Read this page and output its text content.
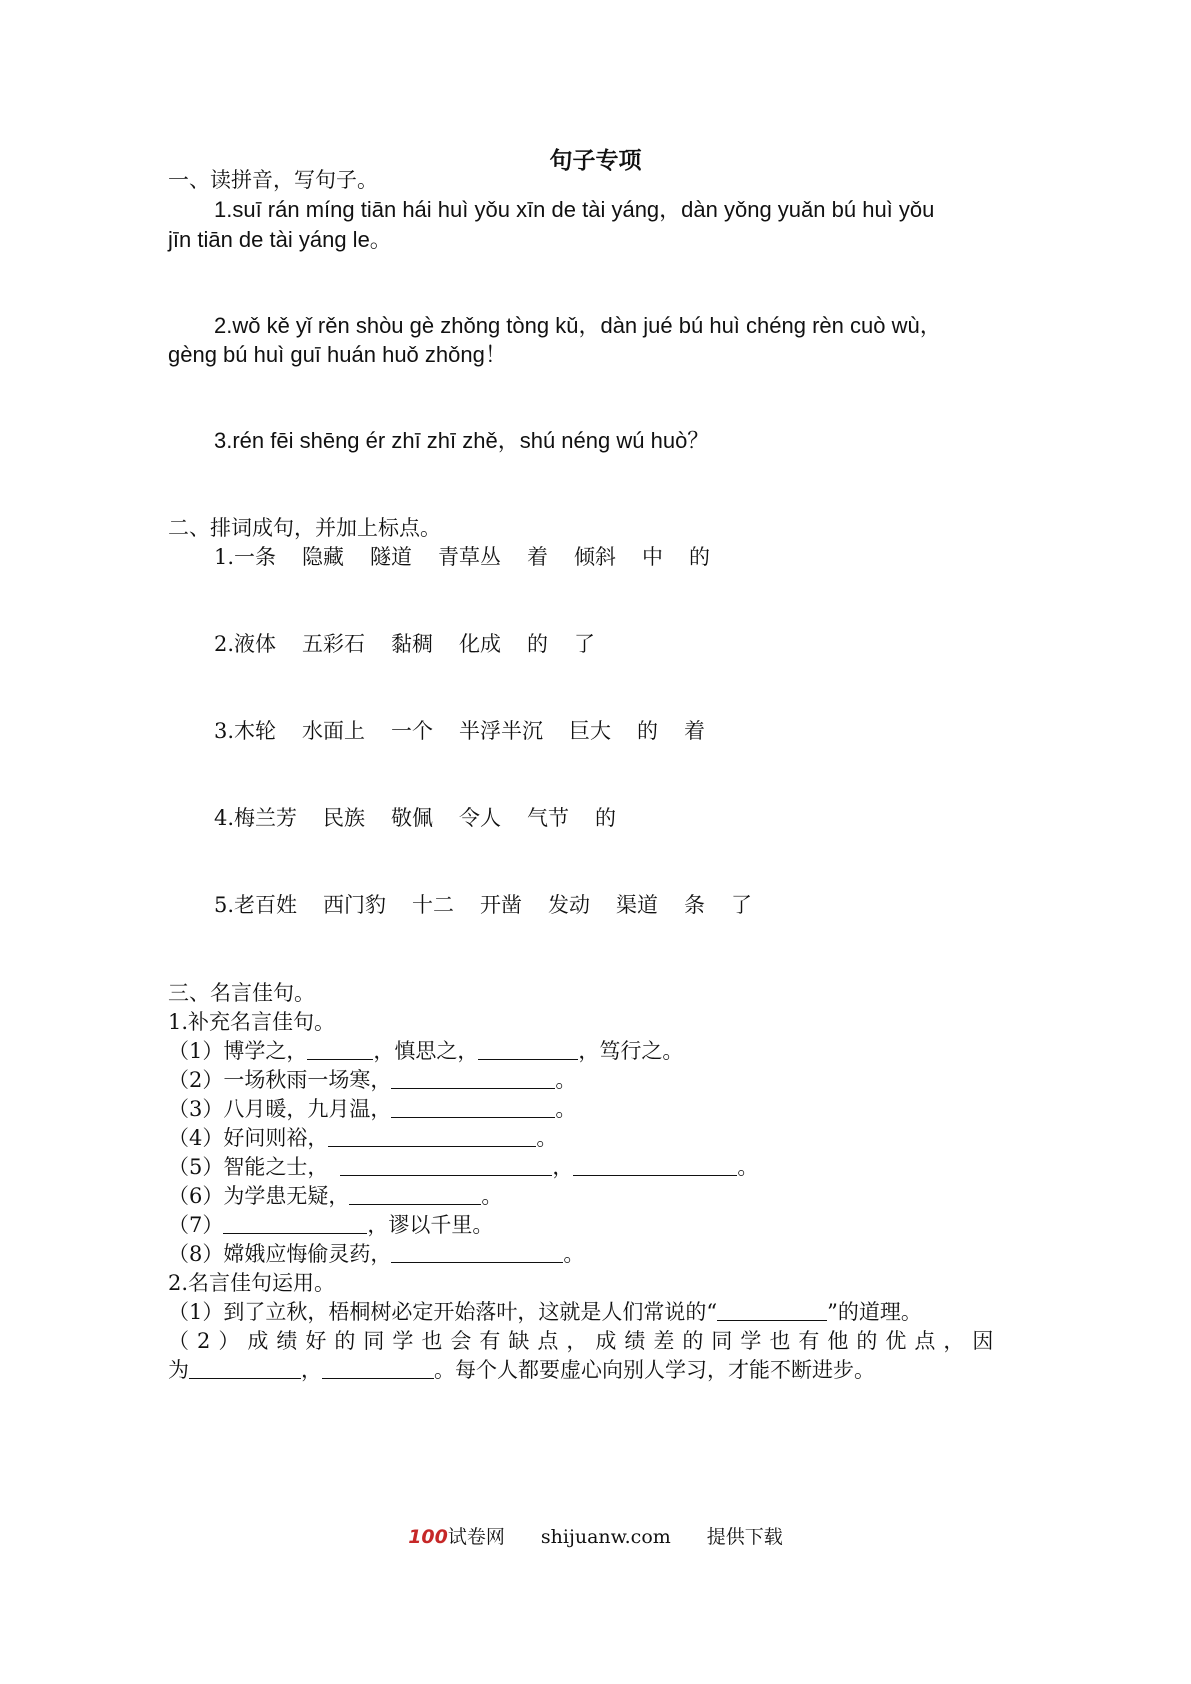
句子专项
一、读拼音，写句子。
1.suī rán míng tiān hái huì yǒu xīn de tài yáng，dàn yǒng yuǎn bú huì yǒu
jīn tiān de tài yáng le。
2.wǒ kě yǐ rěn shòu gè zhǒng tòng kǔ，dàn jué bú huì chéng rèn cuò wù，
gèng bú huì guī huán huǒ zhǒng！
3.rén fēi shēng ér zhī zhī zhě，shú néng wú huò？
二、排词成句，并加上标点。
1.一条 隐藏 隧道 青草丛 着 倾斜 中 的
2.液体 五彩石 黏稠 化成 的 了
3.木轮 水面上 一个 半浮半沉 巨大 的 着
4.梅兰芳 民族 敬佩 令人 气节 的
5.老百姓 西门豹 十二 开凿 发动 渠道 条 了
三、名言佳句。
1.补充名言佳句。
（1）博学之，	，慎思之，	，笃行之。
（2）一场秋雨一场寒，	。
（3）八月暖，九月温，	。
（4）好问则裕，	。
（5）智能之士，	，	。
（6）为学患无疑，	。
（7）	，谬以千里。
（8）嫦娥应悔偷灵药，	。
2.名言佳句运用。
（1）到了立秋，梧桐树必定开始落叶，这就是人们常说的“	”的道理。
（2）成绩好的同学也会有缺点，成绩差的同学也有他的优点，因
为	，	。每个人都要虚心向别人学习，才能不断进步。
100试卷网 shijuanw.com 提供下载
